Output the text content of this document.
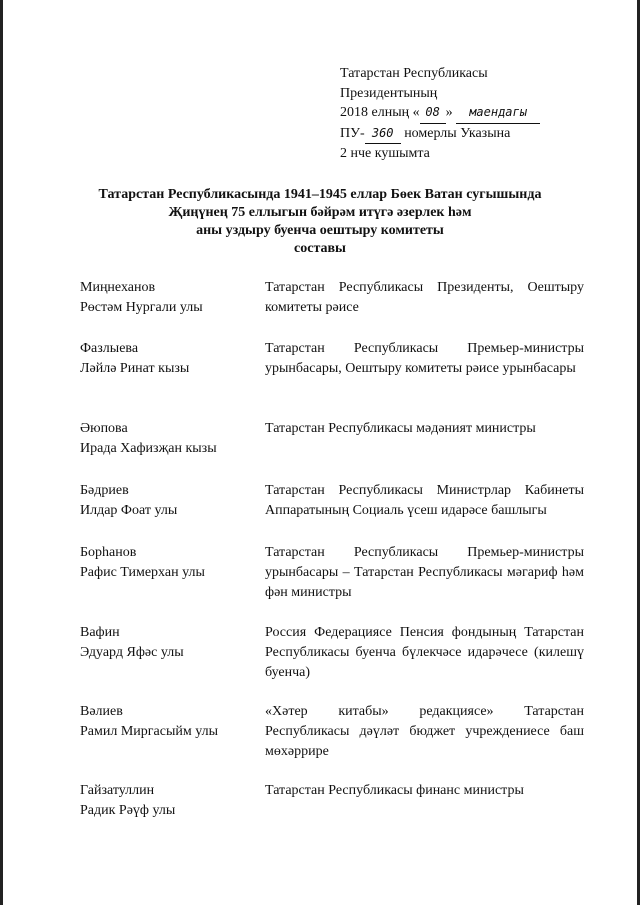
Татарстан Республикасы
Президентының
2018 елның « 08 » маендагы
ПУ- 360 номерлы Указына
2 нче кушымта
Татарстан Республикасында 1941–1945 еллар Бөек Ватан сугышында
Җиңүнең 75 еллыгын бәйрәм итүгә әзерлек һәм
аны уздыру буенча оештыру комитеты
составы
Миңнеханов
Рөстәм Нургали улы
Татарстан Республикасы Президенты, Оештыру комитеты рәисе
Фазлыева
Ләйлә Ринат кызы
Татарстан Республикасы Премьер-министры урынбасары, Оештыру комитеты рәисе урынбасары
Әюпова
Ирада Хафизҗан кызы
Татарстан Республикасы мәдәният министры
Бәдриев
Илдар Фоат улы
Татарстан Республикасы Министрлар Кабинеты Аппаратының Социаль үсеш идарәсе башлыгы
Борһанов
Рафис Тимерхан улы
Татарстан Республикасы Премьер-министры урынбасары – Татарстан Республикасы мәгариф һәм фән министры
Вафин
Эдуард Яфәс улы
Россия Федерациясе Пенсия фондының Татарстан Республикасы буенча бүлекчәсе идарәчесе (килешү буенча)
Вәлиев
Рамил Миргасыйм улы
«Хәтер китабы» редакциясе» Татарстан Республикасы дәүләт бюджет учреждениесе баш мөхәррире
Гайзатуллин
Радик Рәүф улы
Татарстан Республикасы финанс министры
